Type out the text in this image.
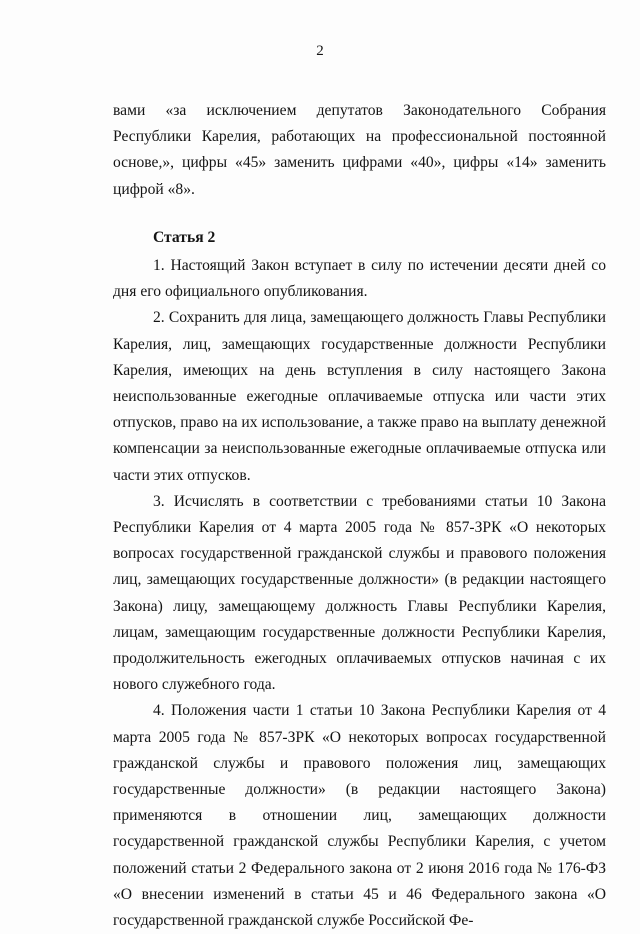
2

вами «за исключением депутатов Законодательного Собрания Республики Карелия, работающих на профессиональной постоянной основе,», цифры «45» заменить цифрами «40», цифры «14» заменить цифрой «8».

Статья 2

1. Настоящий Закон вступает в силу по истечении десяти дней со дня его официального опубликования.

2. Сохранить для лица, замещающего должность Главы Республики Карелия, лиц, замещающих государственные должности Республики Карелия, имеющих на день вступления в силу настоящего Закона неиспользованные ежегодные оплачиваемые отпуска или части этих отпусков, право на их использование, а также право на выплату денежной компенсации за неиспользованные ежегодные оплачиваемые отпуска или части этих отпусков.

3. Исчислять в соответствии с требованиями статьи 10 Закона Республики Карелия от 4 марта 2005 года № 857-ЗРК «О некоторых вопросах государственной гражданской службы и правового положения лиц, замещающих государственные должности» (в редакции настоящего Закона) лицу, замещающему должность Главы Республики Карелия, лицам, замещающим государственные должности Республики Карелия, продолжительность ежегодных оплачиваемых отпусков начиная с их нового служебного года.

4. Положения части 1 статьи 10 Закона Республики Карелия от 4 марта 2005 года № 857-ЗРК «О некоторых вопросах государственной гражданской службы и правового положения лиц, замещающих государственные должности» (в редакции настоящего Закона) применяются в отношении лиц, замещающих должности государственной гражданской службы Республики Карелия, с учетом положений статьи 2 Федерального закона от 2 июня 2016 года № 176-ФЗ «О внесении изменений в статьи 45 и 46 Федерального закона «О государственной гражданской службе Российской Фе-
